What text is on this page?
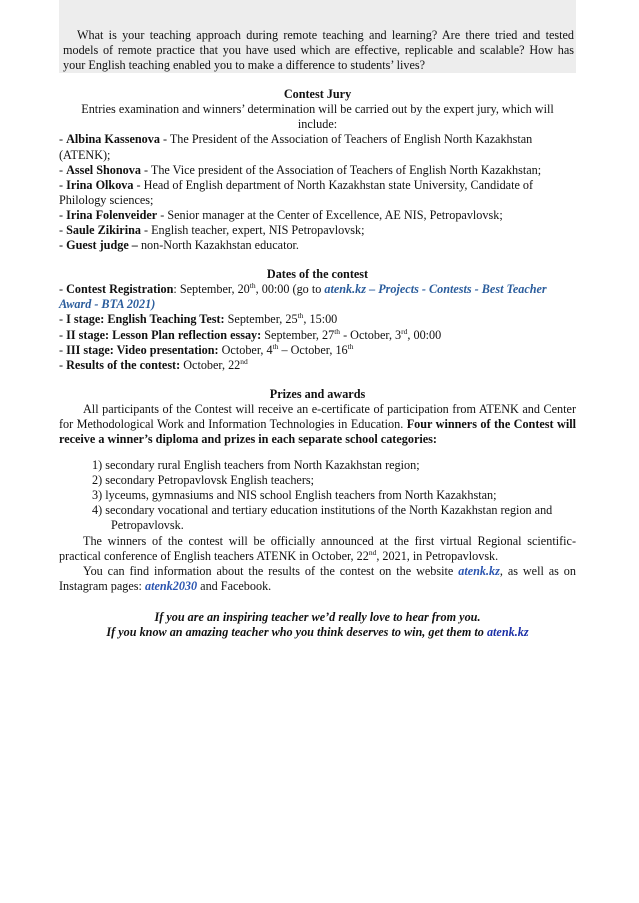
What is your teaching approach during remote teaching and learning? Are there tried and tested models of remote practice that you have used which are effective, replicable and scalable? How has your English teaching enabled you to make a difference to students’ lives?

Contest Jury

Entries examination and winners’ determination will be carried out by the expert jury, which will include:

- Albina Kassenova - The President of the Association of Teachers of English North Kazakhstan (ATENK);

- Assel Shonova - The Vice president of the Association of Teachers of English North Kazakhstan;

- Irina Olkova - Head of English department of North Kazakhstan state University, Candidate of Philology sciences;

- Irina Folenveider - Senior manager at the Center of Excellence, AE NIS, Petropavlovsk;

- Saule Zikirina - English teacher, expert, NIS Petropavlovsk;

- Guest judge – non-North Kazakhstan educator.

Dates of the contest

- Contest Registration: September, 20th, 00:00 (go to atenk.kz – Projects - Contests - Best Teacher Award - BTA 2021)

- I stage: English Teaching Test: September, 25th, 15:00

- II stage: Lesson Plan reflection essay: September, 27th - October, 3rd, 00:00

- III stage: Video presentation: October, 4th – October, 16th

- Results of the contest: October, 22nd

Prizes and awards

All participants of the Contest will receive an e-certificate of participation from ATENK and Center for Methodological Work and Information Technologies in Education. Four winners of the Contest will receive a winner’s diploma and prizes in each separate school categories:

1) secondary rural English teachers from North Kazakhstan region;

2) secondary Petropavlovsk English teachers;

3) lyceums, gymnasiums and NIS school English teachers from North Kazakhstan;

4) secondary vocational and tertiary education institutions of the North Kazakhstan region and Petropavlovsk.

The winners of the contest will be officially announced at the first virtual Regional scientific-practical conference of English teachers ATENK in October, 22nd, 2021, in Petropavlovsk.

You can find information about the results of the contest on the website atenk.kz, as well as on Instagram pages: atenk2030 and Facebook.

If you are an inspiring teacher we’d really love to hear from you.

If you know an amazing teacher who you think deserves to win, get them to atenk.kz
